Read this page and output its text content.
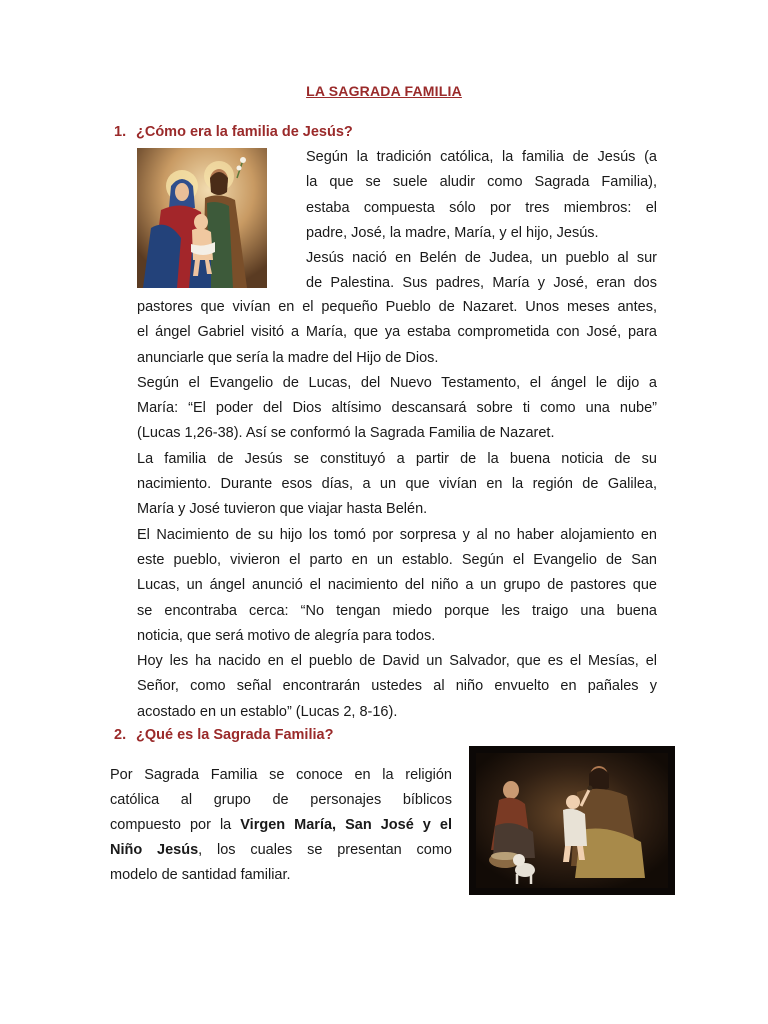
LA SAGRADA FAMILIA
1. ¿Cómo era la familia de Jesús?

Según la tradición católica, la familia de Jesús (a

la que se suele aludir como Sagrada Familia),

estaba compuesta sólo por tres miembros: el

padre, José, la madre, María, y el hijo, Jesús.

Jesús nació en Belén de Judea, un pueblo al sur

de Palestina. Sus padres, María y José, eran dos

pastores que vivían en el pequeño Pueblo de Nazaret. Unos meses antes,

el ángel Gabriel visitó a María, que ya estaba comprometida con José, para

anunciarle que sería la madre del Hijo de Dios.

Según el Evangelio de Lucas, del Nuevo Testamento, el ángel le dijo a

María: “El poder del Dios altísimo descansará sobre ti como una nube”

(Lucas 1,26-38). Así se conformó la Sagrada Familia de Nazaret.

La familia de Jesús se constituyó a partir de la buena noticia de su

nacimiento. Durante esos días, a un que vivían en la región de Galilea,

María y José tuvieron que viajar hasta Belén.

El Nacimiento de su hijo los tomó por sorpresa y al no haber alojamiento en

este pueblo, vivieron el parto en un establo. Según el Evangelio de San

Lucas, un ángel anunció el nacimiento del niño a un grupo de pastores que

se encontraba cerca: “No tengan miedo porque les traigo una buena

noticia, que será motivo de alegría para todos.

Hoy les ha nacido en el pueblo de David un Salvador, que es el Mesías, el

Señor, como señal encontrarán ustedes al niño envuelto en pañales y

acostado en un establo” (Lucas 2, 8-16).

2. ¿Qué es la Sagrada Familia?

Por Sagrada Familia se conoce en la religión

católica al grupo de personajes bíblicos

compuesto por la Virgen María, San José y el

Niño Jesús, los cuales se presentan como

modelo de santidad familiar.
